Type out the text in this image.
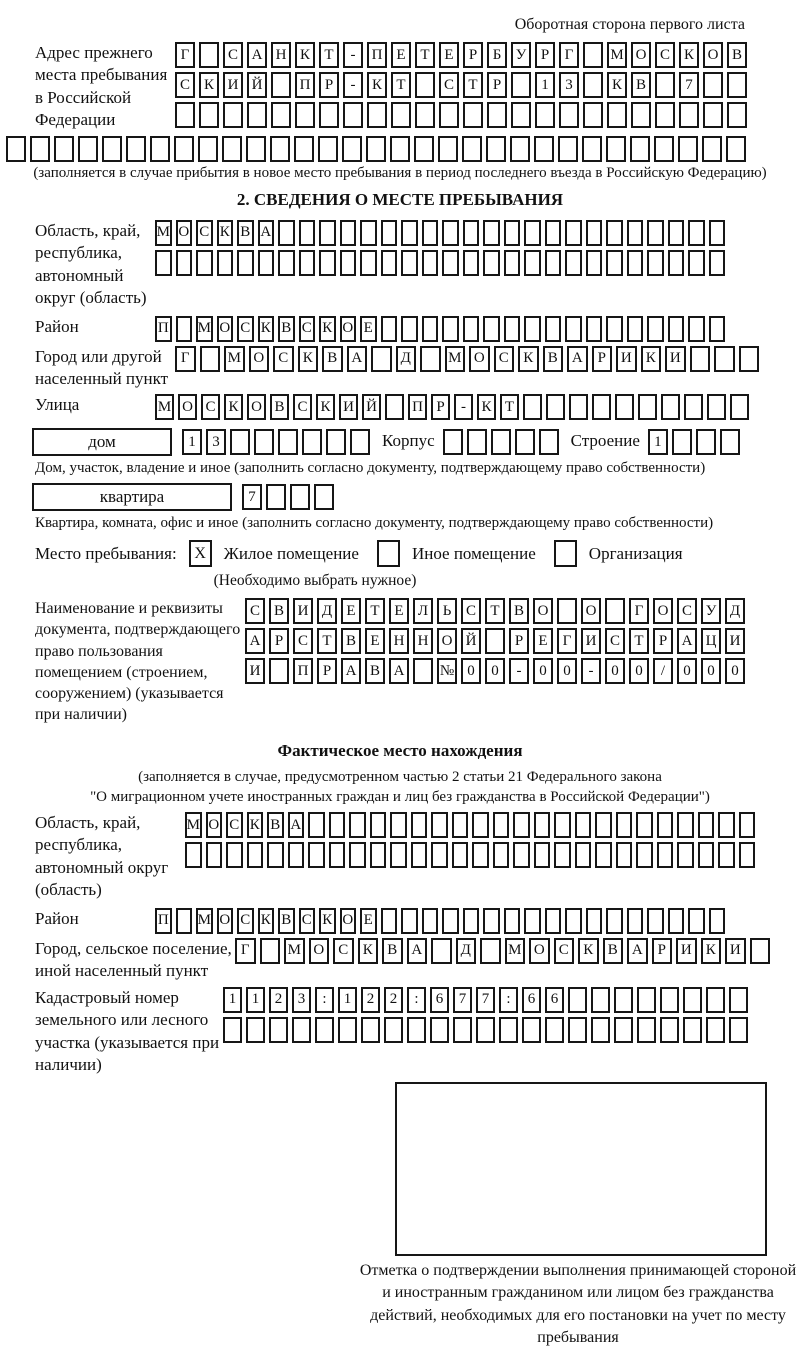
Оборотная сторона первого листа
Адрес прежнего места пребывания в Российской Федерации
Г	С А Н К Т	-	П Е Т Е	Р	Б У Р	Г	М О С К О В
С К И Й	П Р	-	К Т	С Т	Р	1	3	К В	7
(заполняется в случае прибытия в новое место пребывания в период последнего въезда в Российскую Федерацию)
2. СВЕДЕНИЯ О МЕСТЕ ПРЕБЫВАНИЯ
Область, край, республика, автономный округ (область)
М О С К В А
Район	П М О С К В С К О Е
Город или другой населенный пункт
Г	М О С К В А	Д	М О С К В А Р И К И
Улица	М О С К О В С К И Й П Р	-	К Т
дом	1	3	Корпус	Строение 1
Дом, участок, владение и иное (заполнить согласно документу, подтверждающему право собственности)
квартира	7
Квартира, комната, офис и иное (заполнить согласно документу, подтверждающему право собственности)
Место пребывания:	X	Жилое помещение	Иное помещение	Организация
(Необходимо выбрать нужное)
Наименование и реквизиты документа, подтверждающего право пользования помещением (строением, сооружением) (указывается при наличии)
С В И Д Е Т Е Л Ь С Т В О	О	Г О С У Д
А Р С Т В Е Н Н О Й	Р	Е	Г И С Т	Р А Ц И
И	П Р А В А	№ 0	0	-	0	0	-	0	0	/	0	0	0
Фактическое место нахождения
(заполняется в случае, предусмотренном частью 2 статьи 21 Федерального закона
"О миграционном учете иностранных граждан и лиц без гражданства в Российской Федерации")
Область, край, республика, автономный округ (область)
М О С К В А
Район	П М О С К В С К О Е
Город, сельское поселение, иной населенный пункт
Г	М О С К В А	Д	М О С К В А Р И К И
Кадастровый номер земельного или лесного участка (указывается при наличии)
1	1	2	3	:	1	2	2	:	6	7	7	:	6	6
Отметка о подтверждении выполнения принимающей стороной и иностранным гражданином или лицом без гражданства действий, необходимых для его постановки на учет по месту пребывания
